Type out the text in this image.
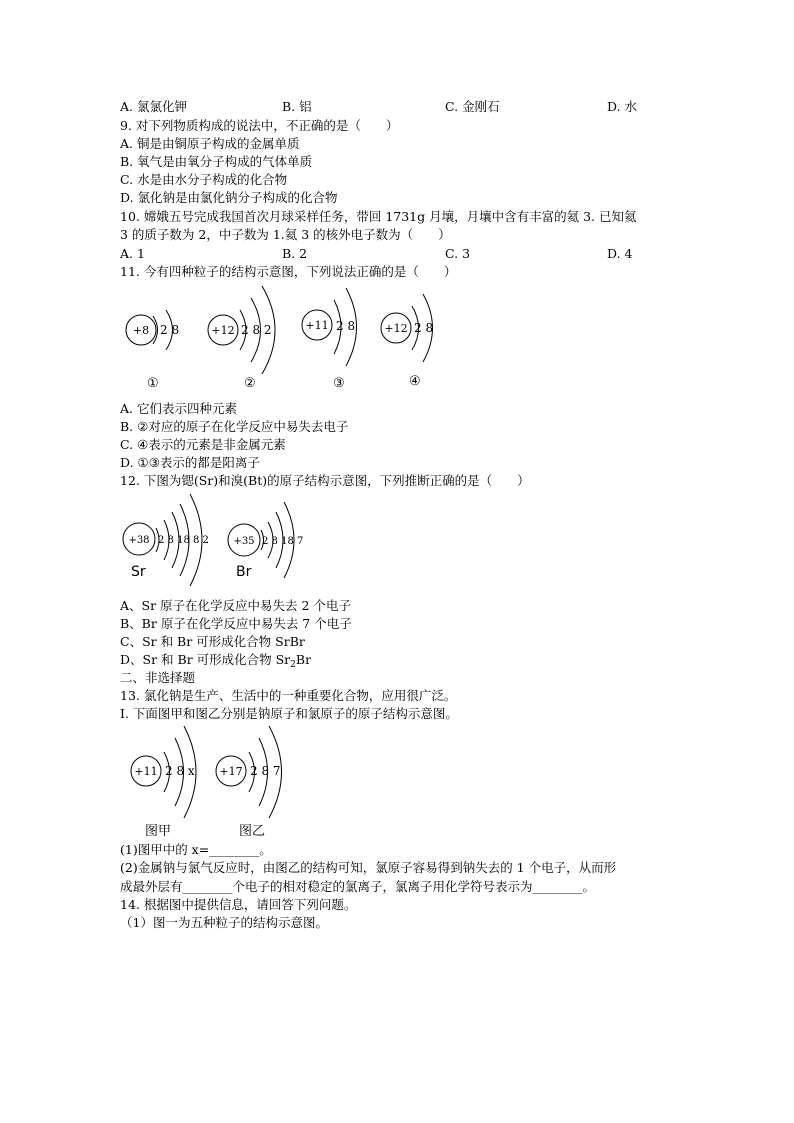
A. 氯氯化钾	B. 铝	C. 金刚石	D. 水
9. 对下列物质构成的说法中，不正确的是（　　）
A. 铜是由铜原子构成的金属单质
B. 氧气是由氧分子构成的气体单质
C. 水是由水分子构成的化合物
D. 氯化钠是由氯化钠分子构成的化合物
10. 嫦娥五号完成我国首次月球采样任务，带回 1731g 月壤，月壤中含有丰富的氦 3. 已知氦
3 的质子数为 2，中子数为 1.氦 3 的核外电子数为（　　）
A. 1	B. 2	C. 3	D. 4
11. 今有四种粒子的结构示意图，下列说法正确的是（　　）
+8 2 8	+12 2 8 2	+11 2 8	+12 2 8
①	②	③	④
A. 它们表示四种元素
B. ②对应的原子在化学反应中易失去电子
C. ④表示的元素是非金属元素
D. ①③表示的都是阳离子
12. 下图为锶(Sr)和溴(Bt)的原子结构示意图，下列推断正确的是（　　）
+38 2 8 18 8 2 +35 2 8 18 7
Sr	Br
A、Sr 原子在化学反应中易失去 2 个电子
B、Br 原子在化学反应中易失去 7 个电子
C、Sr 和 Br 可形成化合物 SrBr
D、Sr 和 Br 可形成化合物 $Sr_2Br$
二、非选择题
13. 氯化钠是生产、生活中的一种重要化合物，应用很广泛。
Ⅰ. 下面图甲和图乙分别是钠原子和氯原子的原子结构示意图。
+11 2 8 x +17 2 8 7
图甲	图乙
(1)图甲中的 x=________。
(2)金属钠与氯气反应时，由图乙的结构可知，氯原子容易得到钠失去的 1 个电子，从而形
成最外层有________个电子的相对稳定的氯离子，氯离子用化学符号表示为________。
14. 根据图中提供信息，请回答下列问题。
（1）图一为五种粒子的结构示意图。
